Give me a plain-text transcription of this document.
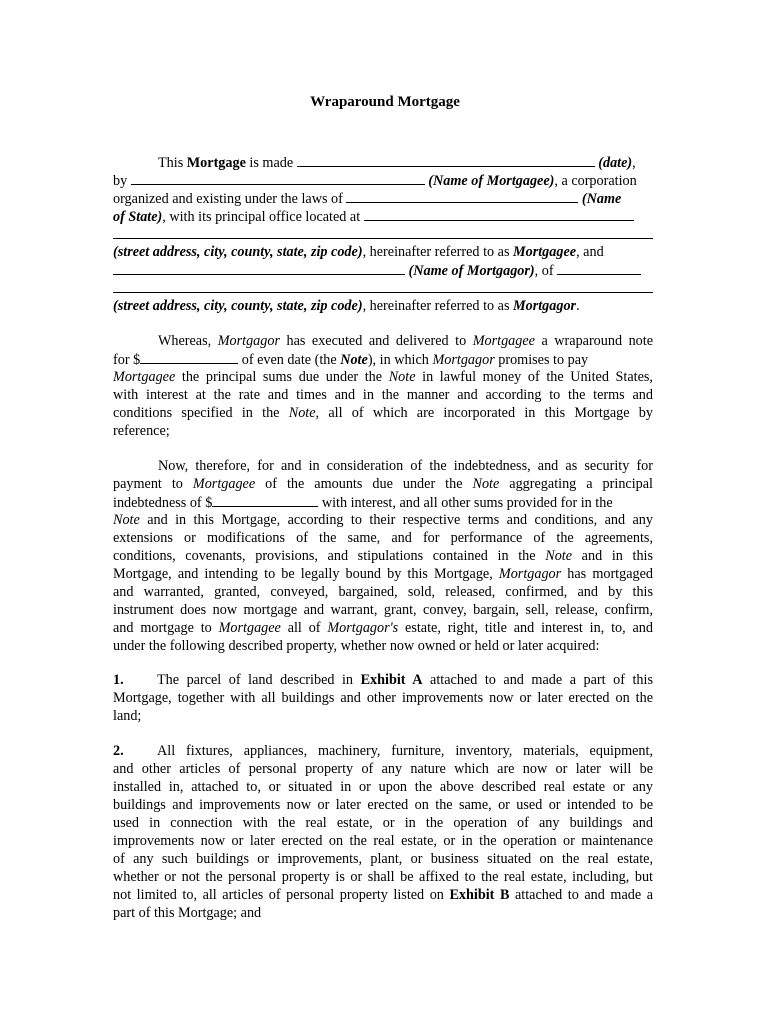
Wraparound Mortgage
This Mortgage is made	(date),
by	(Name of Mortgagee), a corporation
organized and existing under the laws of	(Name
of State), with its principal office located at
(street address, city, county, state, zip code), hereinafter referred to as Mortgagee, and
(Name of Mortgagor), of
(street address, city, county, state, zip code), hereinafter referred to as Mortgagor.
Whereas, Mortgagor has executed and delivered to Mortgagee a wraparound note
for $	of even date (the Note), in which Mortgagor promises to pay
Mortgagee the principal sums due under the Note in lawful money of the United States,
with interest at the rate and times and in the manner and according to the terms and
conditions specified in the Note, all of which are incorporated in this Mortgage by
reference;
Now, therefore, for and in consideration of the indebtedness, and as security for
payment to Mortgagee of the amounts due under the Note aggregating a principal
indebtedness of $	with interest, and all other sums provided for in the
Note and in this Mortgage, according to their respective terms and conditions, and any
extensions or modifications of the same, and for performance of the agreements,
conditions, covenants, provisions, and stipulations contained in the Note and in this
Mortgage, and intending to be legally bound by this Mortgage, Mortgagor has mortgaged
and warranted, granted, conveyed, bargained, sold, released, confirmed, and by this
instrument does now mortgage and warrant, grant, convey, bargain, sell, release, confirm,
and mortgage to Mortgagee all of Mortgagor's estate, right, title and interest in, to, and
under the following described property, whether now owned or held or later acquired:
1. The parcel of land described in Exhibit A attached to and made a part of this
Mortgage, together with all buildings and other improvements now or later erected on the
land;
2. All fixtures, appliances, machinery, furniture, inventory, materials, equipment,
and other articles of personal property of any nature which are now or later will be
installed in, attached to, or situated in or upon the above described real estate or any
buildings and improvements now or later erected on the same, or used or intended to be
used in connection with the real estate, or in the operation of any buildings and
improvements now or later erected on the real estate, or in the operation or maintenance
of any such buildings or improvements, plant, or business situated on the real estate,
whether or not the personal property is or shall be affixed to the real estate, including, but
not limited to, all articles of personal property listed on Exhibit B attached to and made a
part of this Mortgage; and
